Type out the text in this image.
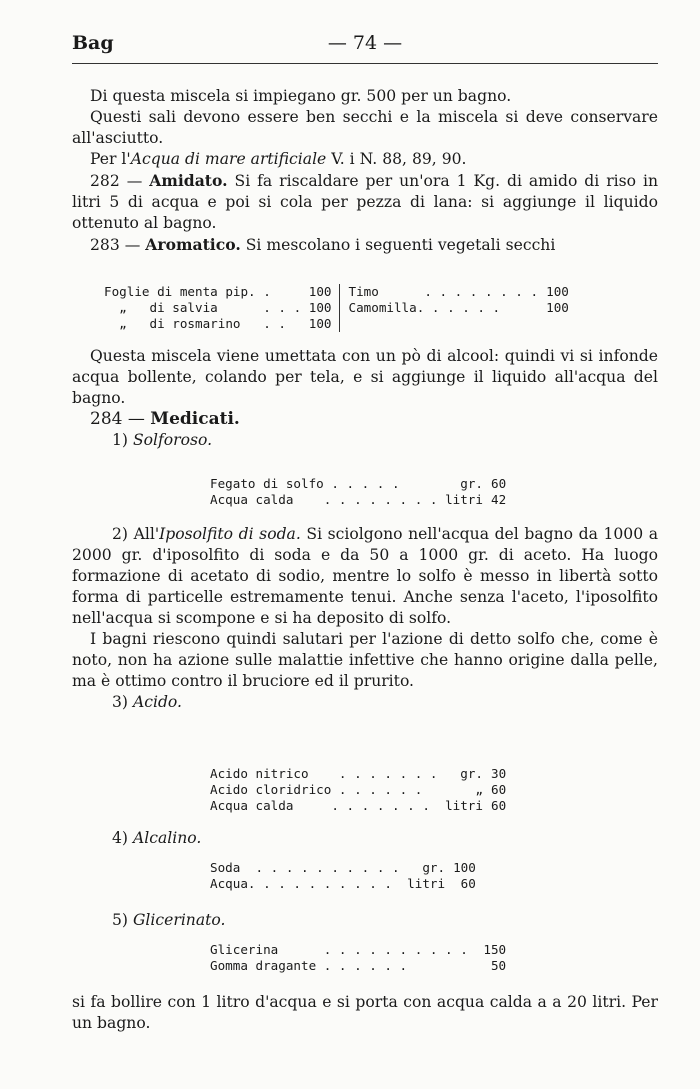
Bag	— 74 —

Di questa miscela si impiegano gr. 500 per un bagno.

Questi sali devono essere ben secchi e la miscela si deve conservare all'asciutto.

Per l'Acqua di mare artificiale V. i N. 88, 89, 90.

282 — Amidato. Si fa riscaldare per un'ora 1 Kg. di amido di riso in litri 5 di acqua e poi si cola per pezza di lana: si aggiunge il liquido ottenuto al bagno.

283 — Aromatico. Si mescolano i seguenti vegetali secchi

Foglie di menta pip.	.	100
„   di salvia	. . .	100
„   di rosmarino	. .	100
Timo	. . . . . . . .	100
Camomilla	. . . . . .	100

Questa miscela viene umettata con un pò di alcool: quindi vi si infonde acqua bollente, colando per tela, e si aggiunge il liquido all'acqua del bagno.

284 — Medicati.

1) Solforoso.

Fegato di solfo	. . . . .	gr.	60
Acqua calda	. . . . . . . .	litri	42

2) All'Iposolfito di soda. Si sciolgono nell'acqua del bagno da 1000 a 2000 gr. d'iposolfito di soda e da 50 a 1000 gr. di aceto. Ha luogo formazione di acetato di sodio, mentre lo solfo è messo in libertà sotto forma di particelle estremamente tenui. Anche senza l'aceto, l'iposolfito nell'acqua si scompone e si ha deposito di solfo.

I bagni riescono quindi salutari per l'azione di detto solfo che, come è noto, non ha azione sulle malattie infettive che hanno origine dalla pelle, ma è ottimo contro il bruciore ed il prurito.

3) Acido.

Acido nitrico	. . . . . . .	gr.	30
Acido cloridrico	. . . . . .	„	60
Acqua calda	. . . . . . .	litri	60
4) Alcalino.
Soda	. . . . . . . . . .	gr.	100
Acqua	. . . . . . . . . .	litri	60
5) Glicerinato.
Glicerina	. . . . . . . . . .		150
Gomma dragante	. . . . . .		50

si fa bollire con 1 litro d'acqua e si porta con acqua calda a a 20 litri. Per un bagno.
